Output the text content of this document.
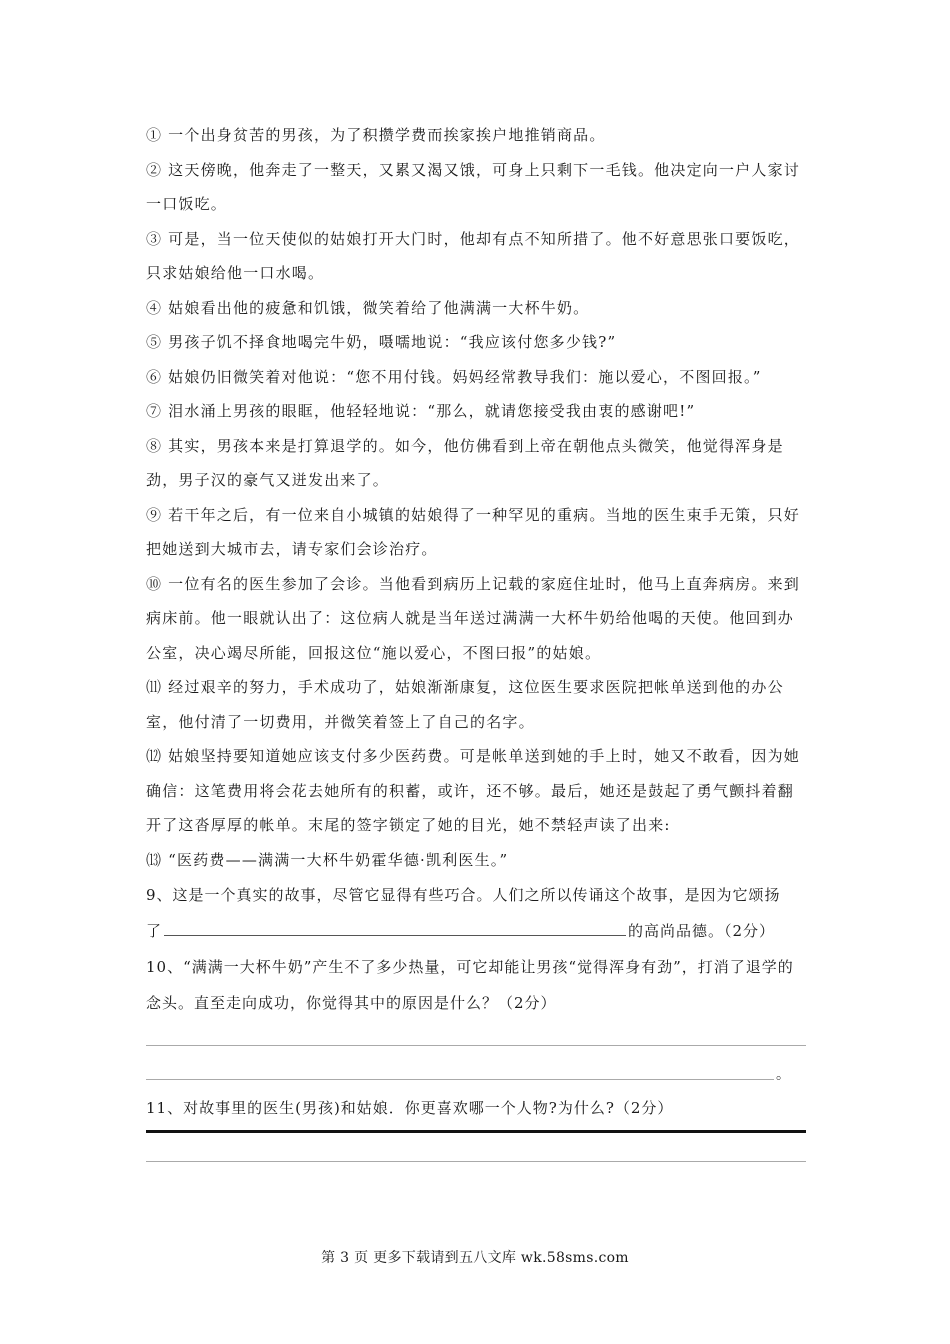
① 一个出身贫苦的男孩，为了积攒学费而挨家挨户地推销商品。

② 这天傍晚，他奔走了一整天，又累又渴又饿，可身上只剩下一毛钱。他决定向一户人家讨一口饭吃。

③ 可是，当一位天使似的姑娘打开大门时，他却有点不知所措了。他不好意思张口要饭吃，只求姑娘给他一口水喝。

④ 姑娘看出他的疲惫和饥饿，微笑着给了他满满一大杯牛奶。

⑤ 男孩子饥不择食地喝完牛奶，嗫嚅地说：“我应该付您多少钱?”

⑥ 姑娘仍旧微笑着对他说：“您不用付钱。妈妈经常教导我们：施以爱心，不图回报。”

⑦ 泪水涌上男孩的眼眶，他轻轻地说：“那么，就请您接受我由衷的感谢吧!”

⑧ 其实，男孩本来是打算退学的。如今，他仿佛看到上帝在朝他点头微笑，他觉得浑身是劲，男子汉的豪气又迸发出来了。

⑨ 若干年之后，有一位来自小城镇的姑娘得了一种罕见的重病。当地的医生束手无策，只好把她送到大城市去，请专家们会诊治疗。

⑩ 一位有名的医生参加了会诊。当他看到病历上记载的家庭住址时，他马上直奔病房。来到病床前。他一眼就认出了：这位病人就是当年送过满满一大杯牛奶给他喝的天使。他回到办公室，决心竭尽所能，回报这位“施以爱心，不图曰报”的姑娘。

⑾ 经过艰辛的努力，手术成功了，姑娘渐渐康复，这位医生要求医院把帐单送到他的办公室，他付清了一切费用，并微笑着签上了自己的名字。

⑿ 姑娘坚持要知道她应该支付多少医药费。可是帐单送到她的手上时，她又不敢看，因为她确信：这笔费用将会花去她所有的积蓄，或许，还不够。最后，她还是鼓起了勇气颤抖着翻开了这沓厚厚的帐单。末尾的签字锁定了她的目光，她不禁轻声读了出来:

⒀ “医药费——满满一大杯牛奶霍华德·凯利医生。”

9、这是一个真实的故事，尽管它显得有些巧合。人们之所以传诵这个故事，是因为它颂扬
了	的高尚品德。（2分）

10、“满满一大杯牛奶”产生不了多少热量，可它却能让男孩“觉得浑身有劲”，打消了退学的念头。直至走向成功，你觉得其中的原因是什么？（2分）

。

11、对故事里的医生(男孩)和姑娘．你更喜欢哪一个人物?为什么?（2分）

第 3 页 更多下载请到五八文库 wk.58sms.com
